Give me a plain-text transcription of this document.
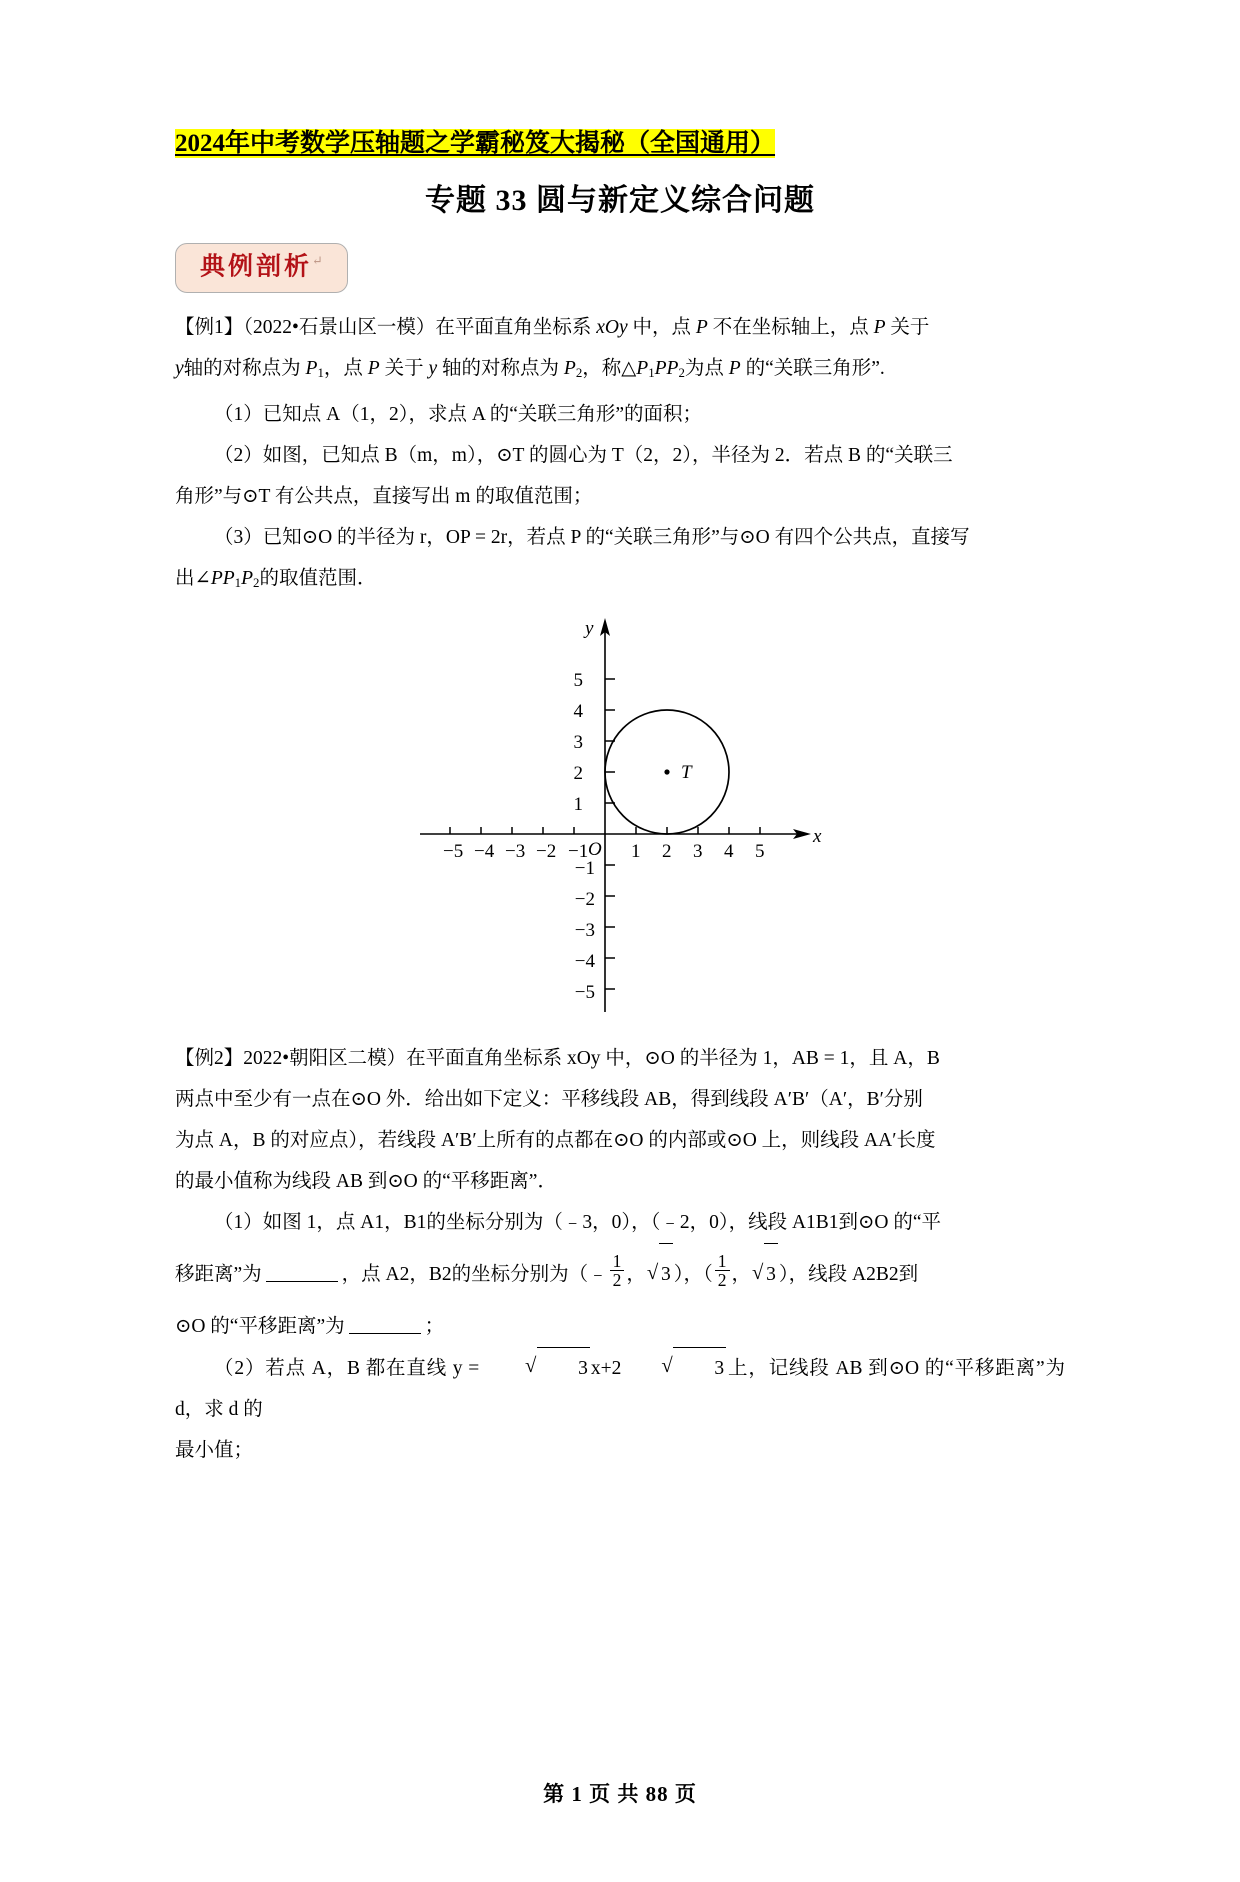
2024年中考数学压轴题之学霸秘笈大揭秘（全国通用）
专题 33 圆与新定义综合问题
典例剖析↵

【例1】（2022•石景山区一模）在平面直角坐标系 xOy 中，点 P 不在坐标轴上，点 P 关于

y轴的对称点为 $P_1$，点 P 关于 y 轴的对称点为 $P_2$，称$\triangle P_1PP_2$为点 P 的“关联三角形”.

（1）已知点 A（1，2），求点 A 的“关联三角形”的面积；

（2）如图，已知点 B（m，m），⊙T 的圆心为 T（2，2），半径为 2．若点 B 的“关联三

角形”与⊙T 有公共点，直接写出 m 的取值范围；

（3）已知⊙O 的半径为 r，OP = 2r，若点 P 的“关联三角形”与⊙O 有四个公共点，直接写

出$\angle PP_1P_2$的取值范围．

T
y
x
O
−1
−2
−3
−4
−5	1 2 3 4 5
5
4
3
2
1
−1
−2
−3
−4
−5

【例2】2022•朝阳区二模）在平面直角坐标系 xOy 中，⊙O 的半径为 1，AB = 1，且 A，B

两点中至少有一点在⊙O 外．给出如下定义：平移线段 AB，得到线段 A′B′（A′，B′分别

为点 A，B 的对应点），若线段 A′B′上所有的点都在⊙O 的内部或⊙O 上，则线段 AA′长度

的最小值称为线段 AB 到⊙O 的“平移距离”．

（1）如图 1，点 A1，B1的坐标分别为（﹣3，0），（﹣2，0），线段 A1B1到⊙O 的“平

移距离”为	，点 A2，B2的坐标分别为（﹣ $\frac{1}{2}$ ， √ 3 ），（ $\frac{1}{2}$ ， √ 3 ），线段 A2B2到

⊙O 的“平移距离”为	；

（2）若点 A，B 都在直线 y =	√ 3 x+2	√ 3 上，记线段 AB 到⊙O 的“平移距离”为 d，求 d 的

最小值；

第 1 页 共 88 页
